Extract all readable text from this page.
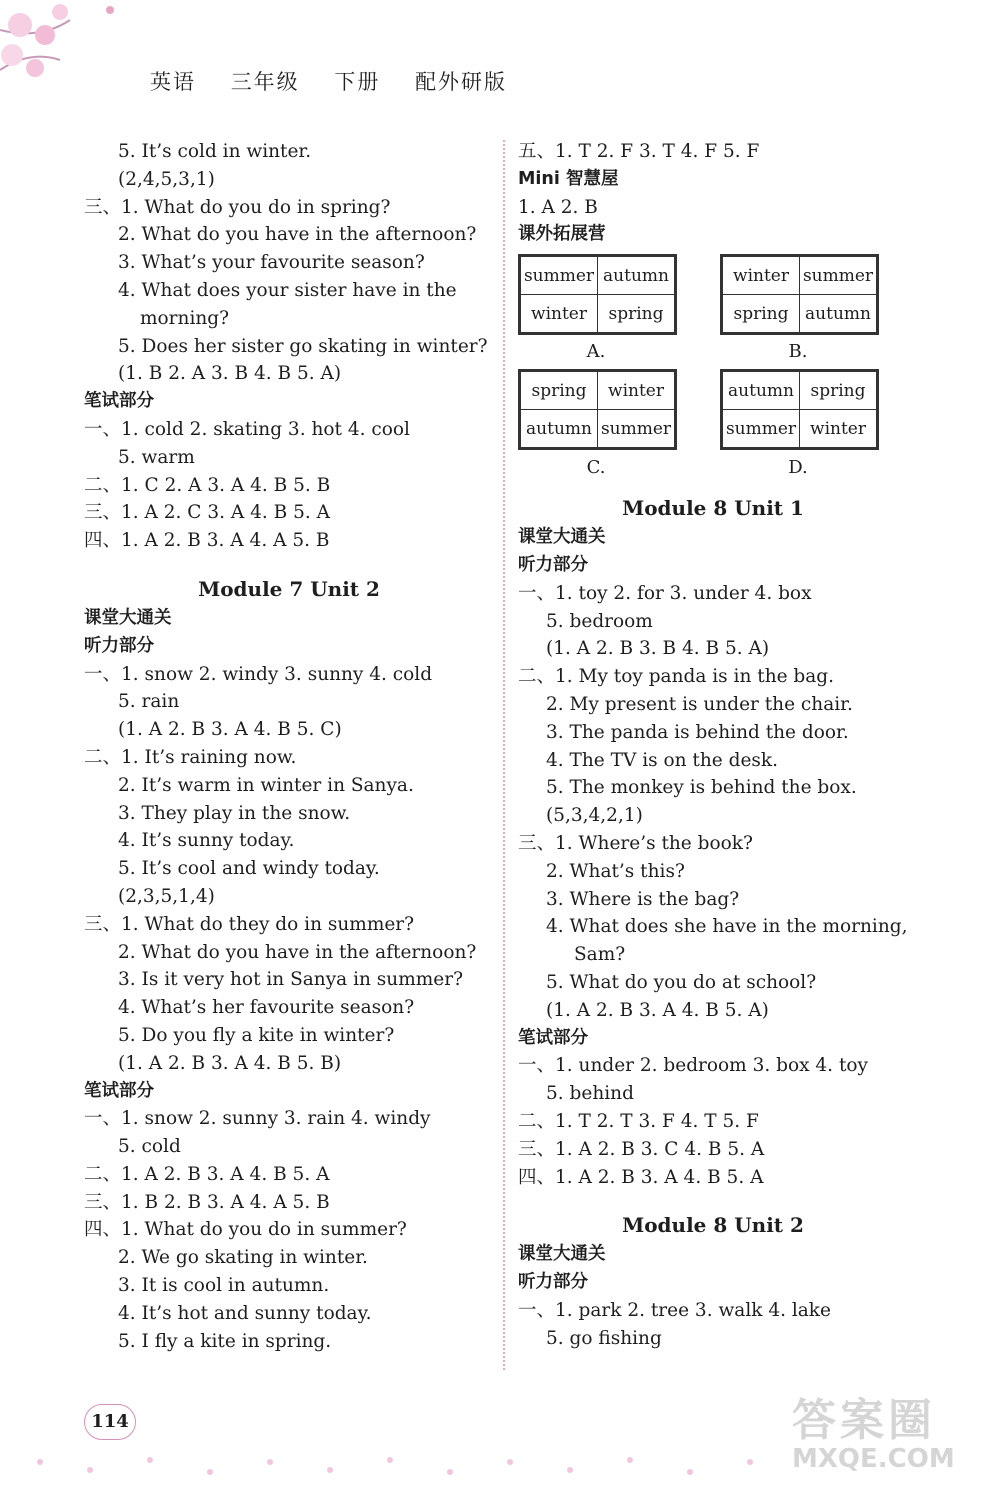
英语 三年级 下册 配外研版
5. It’s cold in winter.
(2,4,5,3,1)
三、1. What do you do in spring?
2. What do you have in the afternoon?
3. What’s your favourite season?
4. What does your sister have in the
morning?
5. Does her sister go skating in winter?
(1. B 2. A 3. B 4. B 5. A)
笔试部分
一、1. cold 2. skating 3. hot 4. cool
5. warm
二、1. C 2. A 3. A 4. B 5. B
三、1. A 2. C 3. A 4. B 5. A
四、1. A 2. B 3. A 4. A 5. B
Module 7 Unit 2
课堂大通关
听力部分
一、1. snow 2. windy 3. sunny 4. cold
5. rain
(1. A 2. B 3. A 4. B 5. C)
二、1. It’s raining now.
2. It’s warm in winter in Sanya.
3. They play in the snow.
4. It’s sunny today.
5. It’s cool and windy today.
(2,3,5,1,4)
三、1. What do they do in summer?
2. What do you have in the afternoon?
3. Is it very hot in Sanya in summer?
4. What’s her favourite season?
5. Do you fly a kite in winter?
(1. A 2. B 3. A 4. B 5. B)
笔试部分
一、1. snow 2. sunny 3. rain 4. windy
5. cold
二、1. A 2. B 3. A 4. B 5. A
三、1. B 2. B 3. A 4. A 5. B
四、1. What do you do in summer?
2. We go skating in winter.
3. It is cool in autumn.
4. It’s hot and sunny today.
5. I fly a kite in spring.
五、1. T 2. F 3. T 4. F 5. F
Mini 智慧屋
1. A 2. B
课外拓展营
summer	autumn
winter	spring
A.
winter	summer
spring	autumn
B.
spring	winter
autumn	summer
C.
autumn	spring
summer	winter
D.
Module 8 Unit 1
课堂大通关
听力部分
一、1. toy 2. for 3. under 4. box
5. bedroom
(1. A 2. B 3. B 4. B 5. A)
二、1. My toy panda is in the bag.
2. My present is under the chair.
3. The panda is behind the door.
4. The TV is on the desk.
5. The monkey is behind the box.
(5,3,4,2,1)
三、1. Where’s the book?
2. What’s this?
3. Where is the bag?
4. What does she have in the morning,
Sam?
5. What do you do at school?
(1. A 2. B 3. A 4. B 5. A)
笔试部分
一、1. under 2. bedroom 3. box 4. toy
5. behind
二、1. T 2. T 3. F 4. T 5. F
三、1. A 2. B 3. C 4. B 5. A
四、1. A 2. B 3. A 4. B 5. A
Module 8 Unit 2
课堂大通关
听力部分
一、1. park 2. tree 3. walk 4. lake
5. go fishing
114	答案圈
MXQE.COM
